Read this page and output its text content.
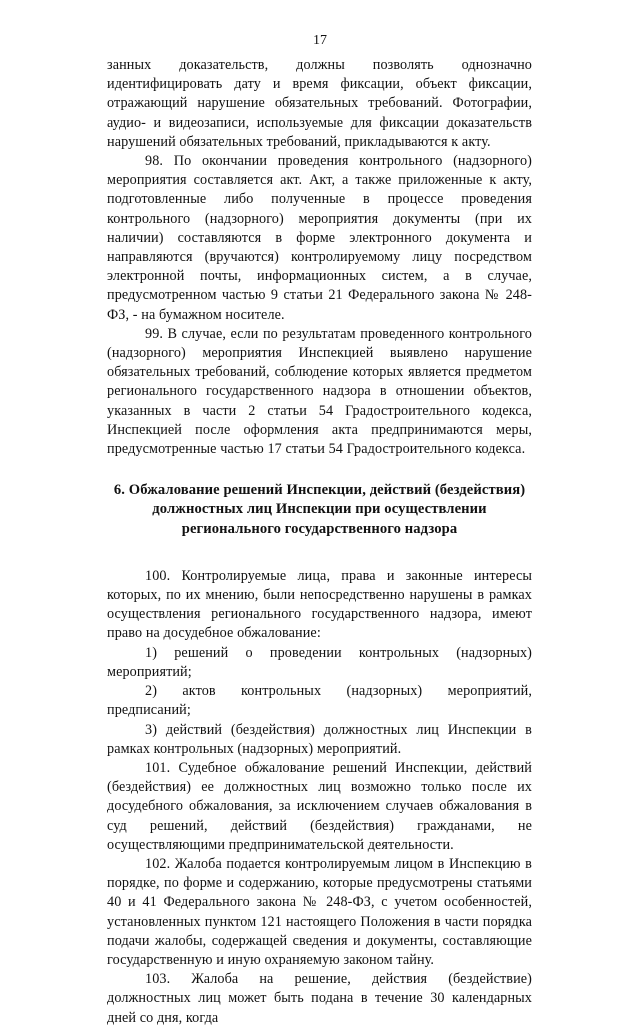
17

занных доказательств, должны позволять однозначно идентифицировать дату и время фиксации, объект фиксации, отражающий нарушение обязательных требований. Фотографии, аудио- и видеозаписи, используемые для фиксации доказательств нарушений обязательных требований, прикладываются к акту.

98. По окончании проведения контрольного (надзорного) мероприятия составляется акт. Акт, а также приложенные к акту, подготовленные либо полученные в процессе проведения контрольного (надзорного) мероприятия документы (при их наличии) составляются в форме электронного документа и направляются (вручаются) контролируемому лицу посредством электронной почты, информационных систем, а в случае, предусмотренном частью 9 статьи 21 Федерального закона № 248-ФЗ, - на бумажном носителе.

99. В случае, если по результатам проведенного контрольного (надзорного) мероприятия Инспекцией выявлено нарушение обязательных требований, соблюдение которых является предметом регионального государственного надзора в отношении объектов, указанных в части 2 статьи 54 Градостроительного кодекса, Инспекцией после оформления акта предпринимаются меры, предусмотренные частью 17 статьи 54 Градостроительного кодекса.

6. Обжалование решений Инспекции, действий (бездействия) должностных лиц Инспекции при осуществлении регионального государственного надзора

100. Контролируемые лица, права и законные интересы которых, по их мнению, были непосредственно нарушены в рамках осуществления регионального государственного надзора, имеют право на досудебное обжалование:

1) решений о проведении контрольных (надзорных) мероприятий;

2) актов контрольных (надзорных) мероприятий, предписаний;

3) действий (бездействия) должностных лиц Инспекции в рамках контрольных (надзорных) мероприятий.

101. Судебное обжалование решений Инспекции, действий (бездействия) ее должностных лиц возможно только после их досудебного обжалования, за исключением случаев обжалования в суд решений, действий (бездействия) гражданами, не осуществляющими предпринимательской деятельности.

102. Жалоба подается контролируемым лицом в Инспекцию в порядке, по форме и содержанию, которые предусмотрены статьями 40 и 41 Федерального закона № 248-ФЗ, с учетом особенностей, установленных пунктом 121 настоящего Положения в части порядка подачи жалобы, содержащей сведения и документы, составляющие государственную и иную охраняемую законом тайну.

103. Жалоба на решение, действия (бездействие) должностных лиц может быть подана в течение 30 календарных дней со дня, когда
